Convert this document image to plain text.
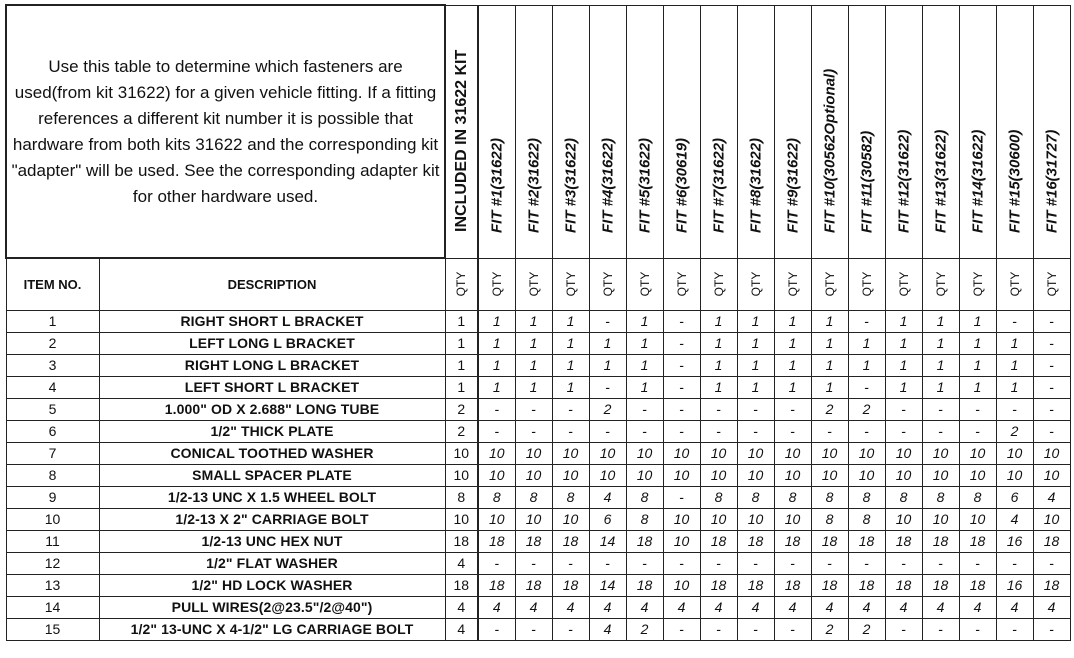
Use this table to determine which fasteners are used(from kit 31622) for a given vehicle fitting. If a fitting references a different kit number it is possible that hardware from both kits 31622 and the corresponding kit "adapter" will be used. See the corresponding adapter kit for other hardware used.		INCLUDED IN 31622 KIT	FIT #1(31622)	FIT #2(31622)	FIT #3(31622)	FIT #4(31622)	FIT #5(31622)	FIT #6(30619)	FIT #7(31622)	FIT #8(31622)	FIT #9(31622)	FIT #10(30562Optional)	FIT #11(30582)	FIT #12(31622)	FIT #13(31622)	FIT #14(31622)	FIT #15(30600)	FIT #16(31727)

ITEM NO.	DESCRIPTION	QTY	QTY	QTY	QTY	QTY	QTY	QTY	QTY	QTY	QTY	QTY	QTY	QTY	QTY	QTY	QTY	QTY

1	RIGHT SHORT L BRACKET	1	1	1	1	-	1	-	1	1	1	1	-	1	1	1	-	-
2	LEFT LONG L BRACKET	1	1	1	1	1	1	-	1	1	1	1	1	1	1	1	1	-
3	RIGHT LONG L BRACKET	1	1	1	1	1	1	-	1	1	1	1	1	1	1	1	1	-
4	LEFT SHORT L BRACKET	1	1	1	1	-	1	-	1	1	1	1	-	1	1	1	1	-
5	1.000" OD X 2.688" LONG TUBE	2	-	-	-	2	-	-	-	-	-	2	2	-	-	-	-	-
6	1/2" THICK PLATE	2	-	-	-	-	-	-	-	-	-	-	-	-	-	-	2	-
7	CONICAL TOOTHED WASHER	10	10	10	10	10	10	10	10	10	10	10	10	10	10	10	10	10
8	SMALL SPACER PLATE	10	10	10	10	10	10	10	10	10	10	10	10	10	10	10	10	10
9	1/2-13 UNC X 1.5 WHEEL BOLT	8	8	8	8	4	8	-	8	8	8	8	8	8	8	8	6	4
10	1/2-13 X 2" CARRIAGE BOLT	10	10	10	10	6	8	10	10	10	10	8	8	10	10	10	4	10
11	1/2-13 UNC HEX NUT	18	18	18	18	14	18	10	18	18	18	18	18	18	18	18	16	18
12	1/2" FLAT WASHER	4	-	-	-	-	-	-	-	-	-	-	-	-	-	-	-	-
13	1/2" HD LOCK WASHER	18	18	18	18	14	18	10	18	18	18	18	18	18	18	18	16	18
14	PULL WIRES(2@23.5"/2@40")	4	4	4	4	4	4	4	4	4	4	4	4	4	4	4	4	4
15	1/2" 13-UNC X 4-1/2" LG CARRIAGE BOLT	4	-	-	-	4	2	-	-	-	-	2	2	-	-	-	-	-
